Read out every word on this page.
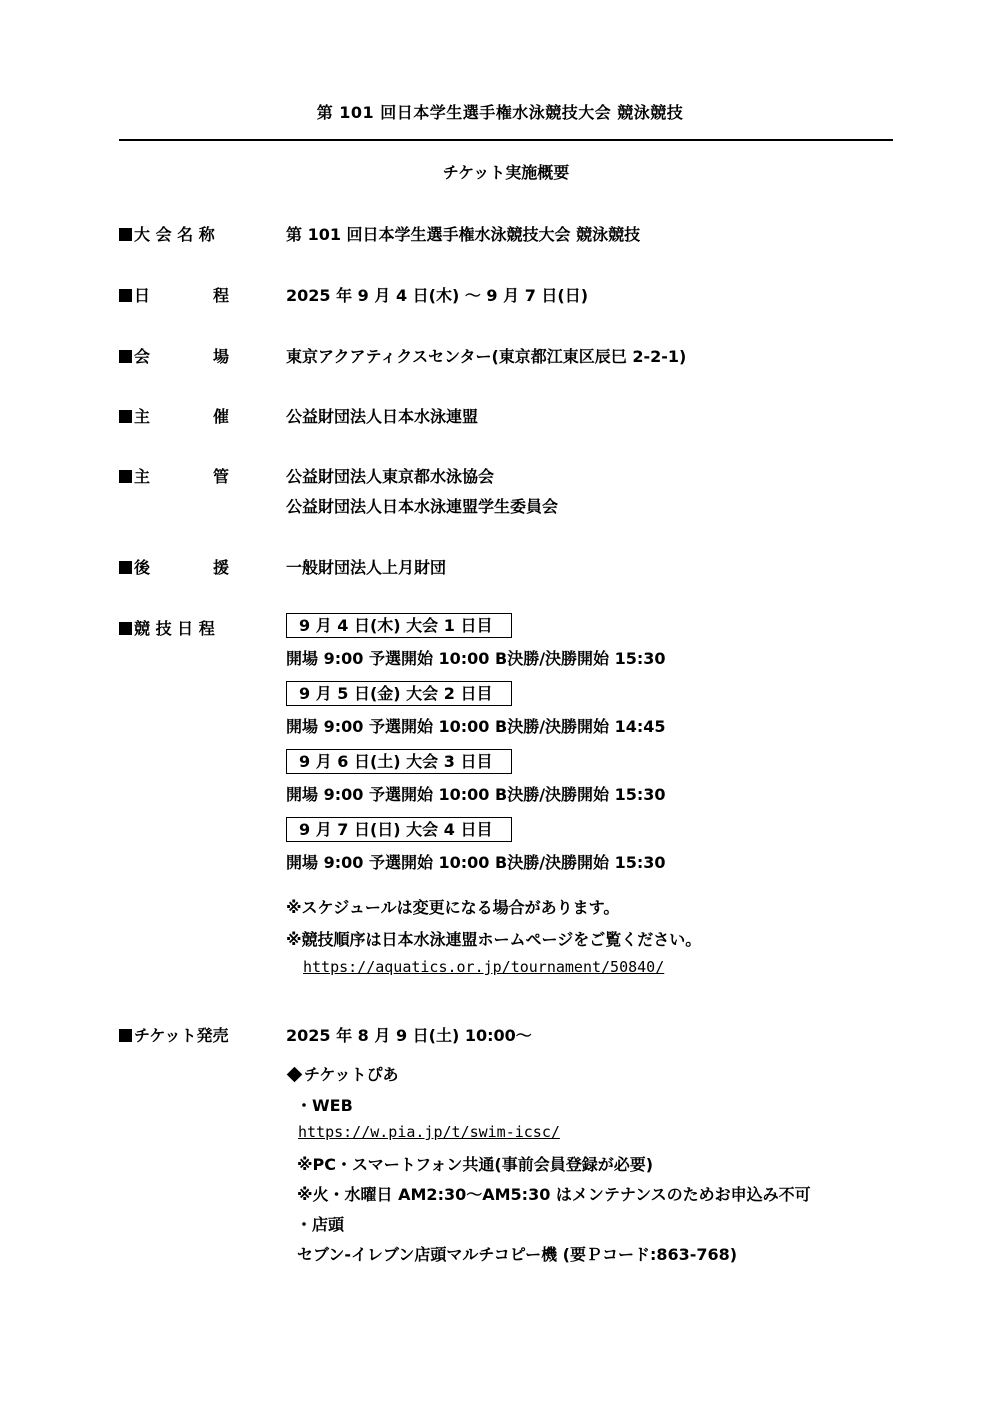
第 101 回日本学生選手権水泳競技大会 競泳競技
チケット実施概要
大 会 名 称	第 101 回日本学生選手権水泳競技大会 競泳競技
日	程	2025 年 9 月 4 日(木) ～ 9 月 7 日(日)
会	場	東京アクアティクスセンター(東京都江東区辰巳 2-2-1)
主	催	公益財団法人日本水泳連盟
主	管	公益財団法人東京都水泳協会
公益財団法人日本水泳連盟学生委員会
後	援	一般財団法人上月財団
競 技 日 程	9 月 4 日(木) 大会 1 日目
開場 9:00 予選開始 10:00 B決勝/決勝開始 15:30
9 月 5 日(金) 大会 2 日目
開場 9:00 予選開始 10:00 B決勝/決勝開始 14:45
9 月 6 日(土) 大会 3 日目
開場 9:00 予選開始 10:00 B決勝/決勝開始 15:30
9 月 7 日(日) 大会 4 日目
開場 9:00 予選開始 10:00 B決勝/決勝開始 15:30
※スケジュールは変更になる場合があります。
※競技順序は日本水泳連盟ホームページをご覧ください。
https://aquatics.or.jp/tournament/50840/
チケット発売	2025 年 8 月 9 日(土) 10:00～
チケットぴあ
・WEB
https://w.pia.jp/t/swim-icsc/
※PC・スマートフォン共通(事前会員登録が必要)
※火・水曜日 AM2:30～AM5:30 はメンテナンスのためお申込み不可
・店頭
セブン-イレブン店頭マルチコピー機 (要Ｐコード:863-768)
